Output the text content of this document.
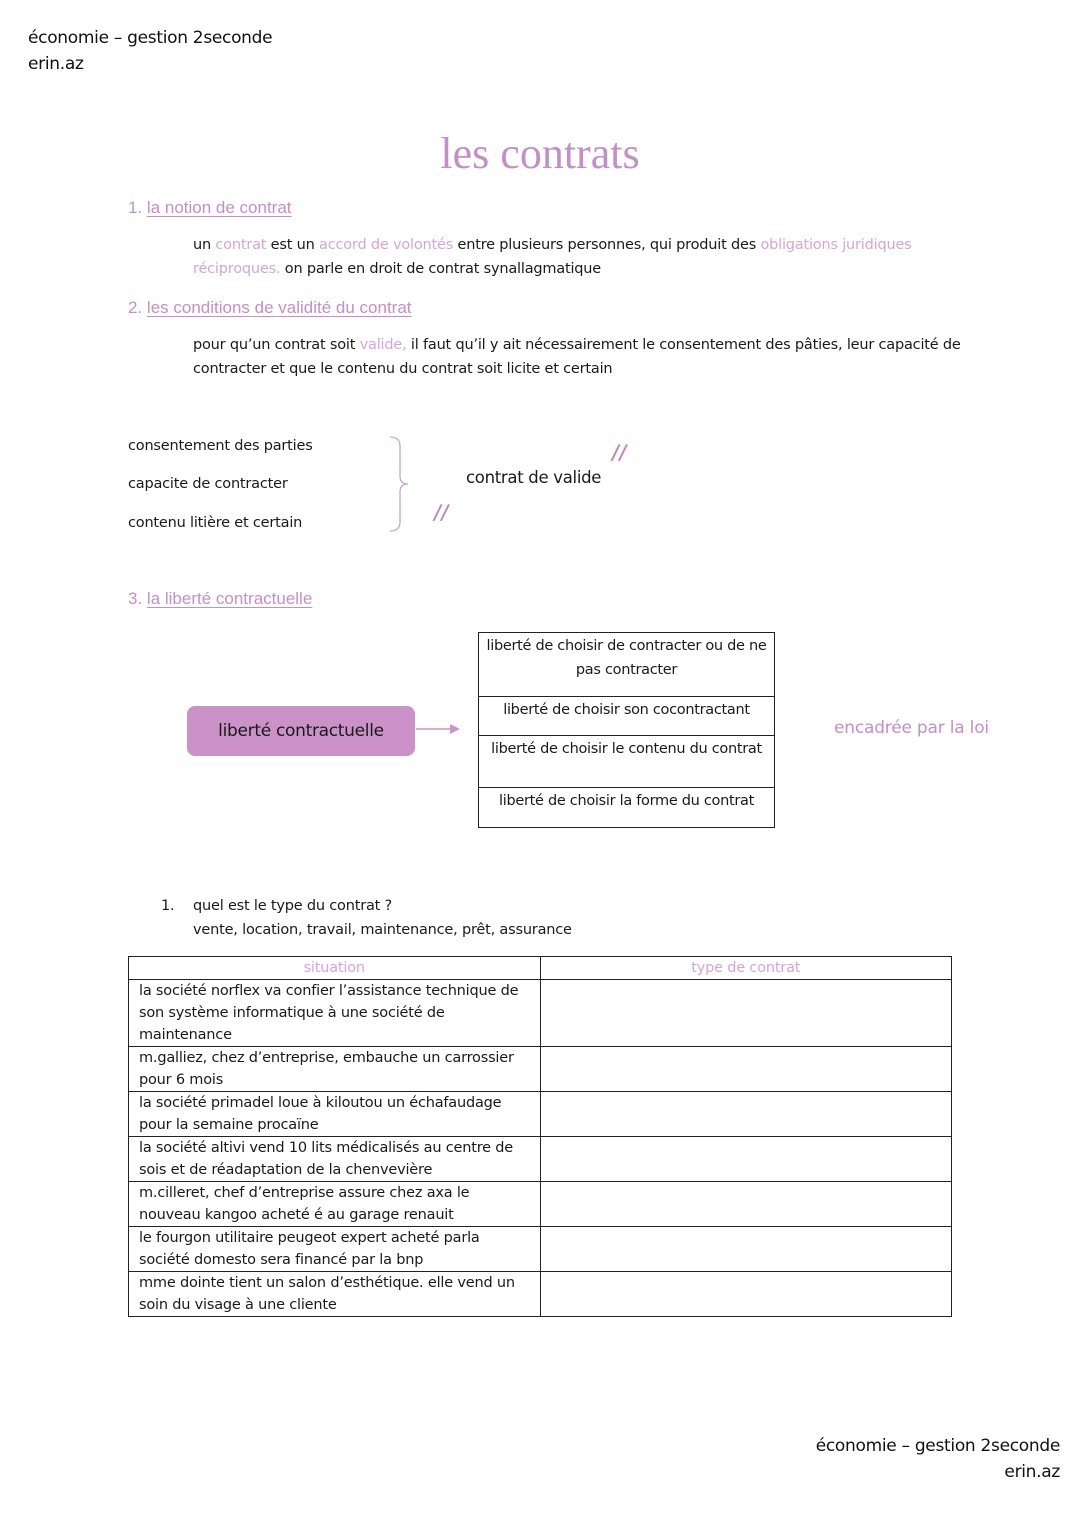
économie – gestion 2seconde
erin.az
les contrats
1. la notion de contrat
un contrat est un accord de volontés entre plusieurs personnes, qui produit des obligations juridiques réciproques. on parle en droit de contrat synallagmatique
2. les conditions de validité du contrat
pour qu’un contrat soit valide, il faut qu’il y ait nécessairement le consentement des pâties, leur capacité de contracter et que le contenu du contrat soit licite et certain
consentement des parties
capacite de contracter
contenu litière et certain
contrat de valide
//
//
3. la liberté contractuelle
liberté contractuelle
liberté de choisir de contracter ou de ne pas contracter
liberté de choisir son cocontractant
liberté de choisir le contenu du contrat
liberté de choisir la forme du contrat
encadrée par la loi
1. quel est le type du contrat ?
vente, location, travail, maintenance, prêt, assurance
situation	type de contrat
la société norflex va confier l’assistance technique de son système informatique à une société de maintenance	
m.galliez, chez d’entreprise, embauche un carrossier pour 6 mois	
la société primadel loue à kiloutou un échafaudage pour la semaine procaïne	
la société altivi vend 10 lits médicalisés au centre de sois et de réadaptation de la chenvevière	
m.cilleret, chef d’entreprise assure chez axa le nouveau kangoo acheté é au garage renauit	
le fourgon utilitaire peugeot expert acheté parla société domesto sera financé par la bnp	
mme dointe tient un salon d’esthétique. elle vend un soin du visage à une cliente	
économie – gestion 2seconde
erin.az
